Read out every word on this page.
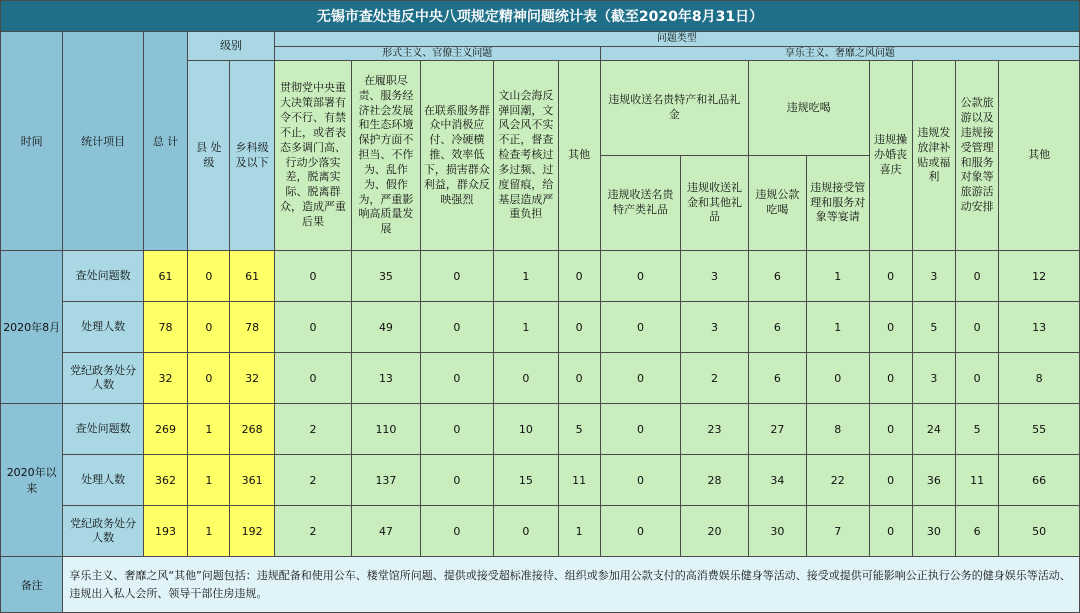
无锡市查处违反中央八项规定精神问题统计表（截至2020年8月31日）																	
时间	统计项目	总 计	级别		问题类型												
					形式主义、官僚主义问题					享乐主义、奢靡之风问题							
			县 处 级	乡科级及以下	贯彻党中央重大决策部署有令不行、有禁不止，或者表态多调门高、行动少落实差，脱离实际、脱离群众，造成严重后果	在履职尽责、服务经济社会发展和生态环境保护方面不担当、不作为、乱作为、假作为，严重影响高质量发展	在联系服务群众中消极应付、冷硬横推、效率低下，损害群众利益，群众反映强烈	文山会海反弹回潮，文风会风不实不正，督查检查考核过多过频、过度留痕，给基层造成严重负担	其他	违规收送名贵特产和礼品礼金		违规吃喝		违规操办婚丧喜庆	违规发放津补贴或福利	公款旅游以及违规接受管理和服务对象等旅游活动安排	其他
										违规收送名贵特产类礼品	违规收送礼金和其他礼品	违规公款吃喝	违规接受管理和服务对象等宴请				
2020年8月	查处问题数	61	0	61	0	35	0	1	0	0	3	6	1	0	3	0	12
	处理人数	78	0	78	0	49	0	1	0	0	3	6	1	0	5	0	13
	党纪政务处分人数	32	0	32	0	13	0	0	0	0	2	6	0	0	3	0	8
2020年以来	查处问题数	269	1	268	2	110	0	10	5	0	23	27	8	0	24	5	55
	处理人数	362	1	361	2	137	0	15	11	0	28	34	22	0	36	11	66
	党纪政务处分人数	193	1	192	2	47	0	0	1	0	20	30	7	0	30	6	50
备注	享乐主义、奢靡之风“其他”问题包括：违规配备和使用公车、楼堂馆所问题、提供或接受超标准接待、组织或参加用公款支付的高消费娱乐健身等活动、接受或提供可能影响公正执行公务的健身娱乐等活动、违规出入私人会所、领导干部住房违规。																
